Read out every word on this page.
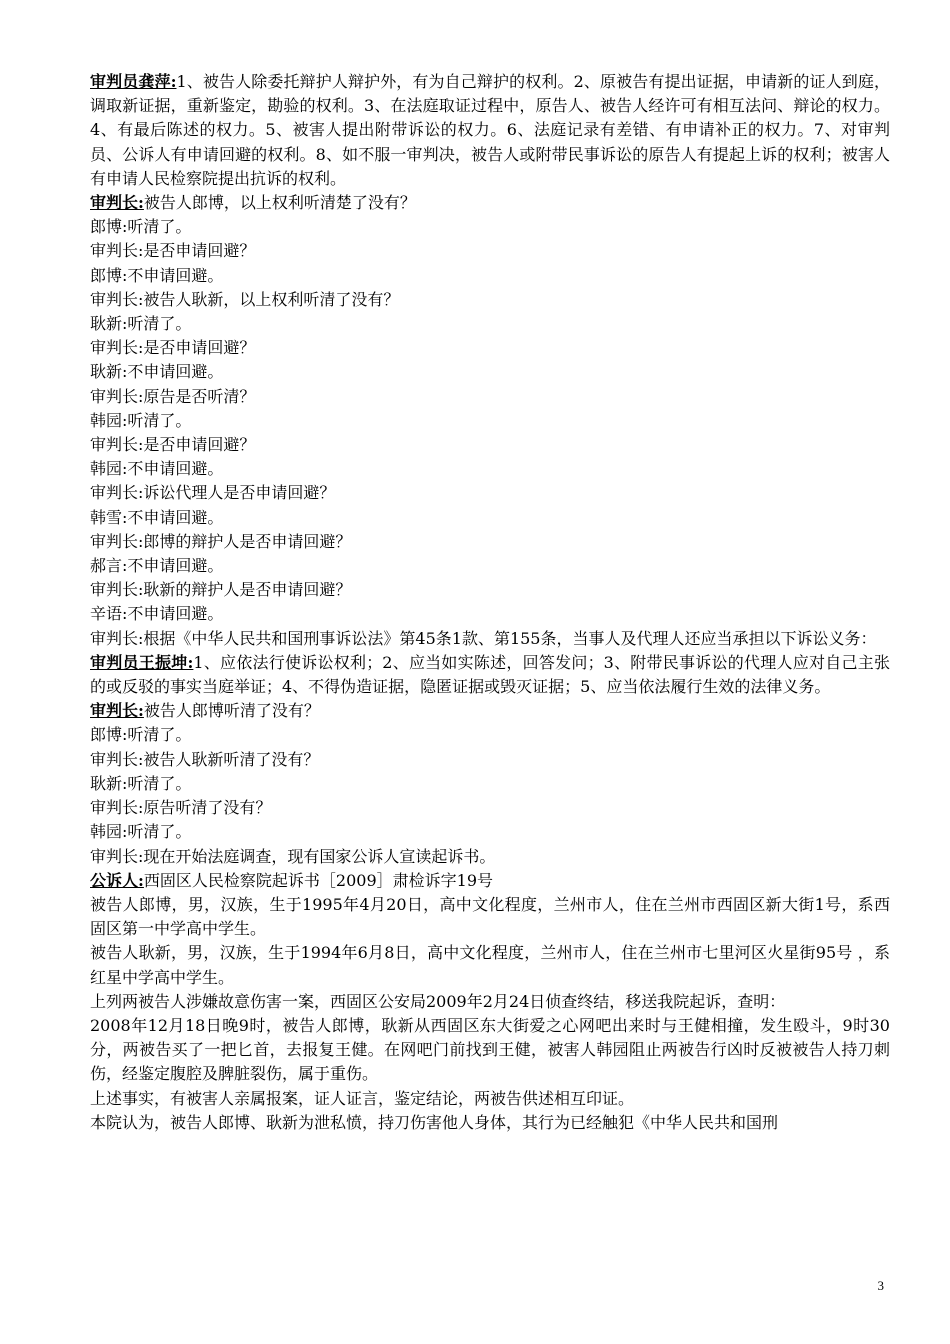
审判员龚萍:1、被告人除委托辩护人辩护外，有为自己辩护的权利。2、原被告有提出证据，申请新的证人到庭，调取新证据，重新鉴定，勘验的权利。3、在法庭取证过程中，原告人、被告人经许可有相互法问、辩论的权力。4、有最后陈述的权力。5、被害人提出附带诉讼的权力。6、法庭记录有差错、有申请补正的权力。7、对审判员、公诉人有申请回避的权利。8、如不服一审判决，被告人或附带民事诉讼的原告人有提起上诉的权利；被害人有申请人民检察院提出抗诉的权利。

审判长:被告人郎博，以上权利听清楚了没有？

郎博:听清了。

审判长:是否申请回避？

郎博:不申请回避。

审判长:被告人耿新，以上权利听清了没有？

耿新:听清了。

审判长:是否申请回避？

耿新:不申请回避。

审判长:原告是否听清？

韩园:听清了。

审判长:是否申请回避？

韩园:不申请回避。

审判长:诉讼代理人是否申请回避？

韩雪:不申请回避。

审判长:郎博的辩护人是否申请回避？

郝言:不申请回避。

审判长:耿新的辩护人是否申请回避？

辛语:不申请回避。

审判长:根据《中华人民共和国刑事诉讼法》第45条1款、第155条，当事人及代理人还应当承担以下诉讼义务：

审判员王振坤:1、应依法行使诉讼权利；2、应当如实陈述，回答发问；3、附带民事诉讼的代理人应对自己主张的或反驳的事实当庭举证；4、不得伪造证据，隐匿证据或毁灭证据；5、应当依法履行生效的法律义务。

审判长:被告人郎博听清了没有？

郎博:听清了。

审判长:被告人耿新听清了没有？

耿新:听清了。

审判长:原告听清了没有？

韩园:听清了。

审判长:现在开始法庭调查，现有国家公诉人宣读起诉书。

公诉人:西固区人民检察院起诉书［2009］肃检诉字19号

被告人郎博，男，汉族，生于1995年4月20日，高中文化程度，兰州市人，住在兰州市西固区新大街1号，系西固区第一中学高中学生。

被告人耿新，男，汉族，生于1994年6月8日，高中文化程度，兰州市人，住在兰州市七里河区火星街95号 ，系红星中学高中学生。

上列两被告人涉嫌故意伤害一案，西固区公安局2009年2月24日侦查终结，移送我院起诉，查明：

2008年12月18日晚9时，被告人郎博，耿新从西固区东大街爱之心网吧出来时与王健相撞，发生殴斗，9时30分，两被告买了一把匕首，去报复王健。在网吧门前找到王健，被害人韩园阻止两被告行凶时反被被告人持刀刺伤，经鉴定腹腔及脾脏裂伤，属于重伤。

上述事实，有被害人亲属报案，证人证言，鉴定结论，两被告供述相互印证。

本院认为，被告人郎博、耿新为泄私愤，持刀伤害他人身体，其行为已经触犯《中华人民共和国刑

3
